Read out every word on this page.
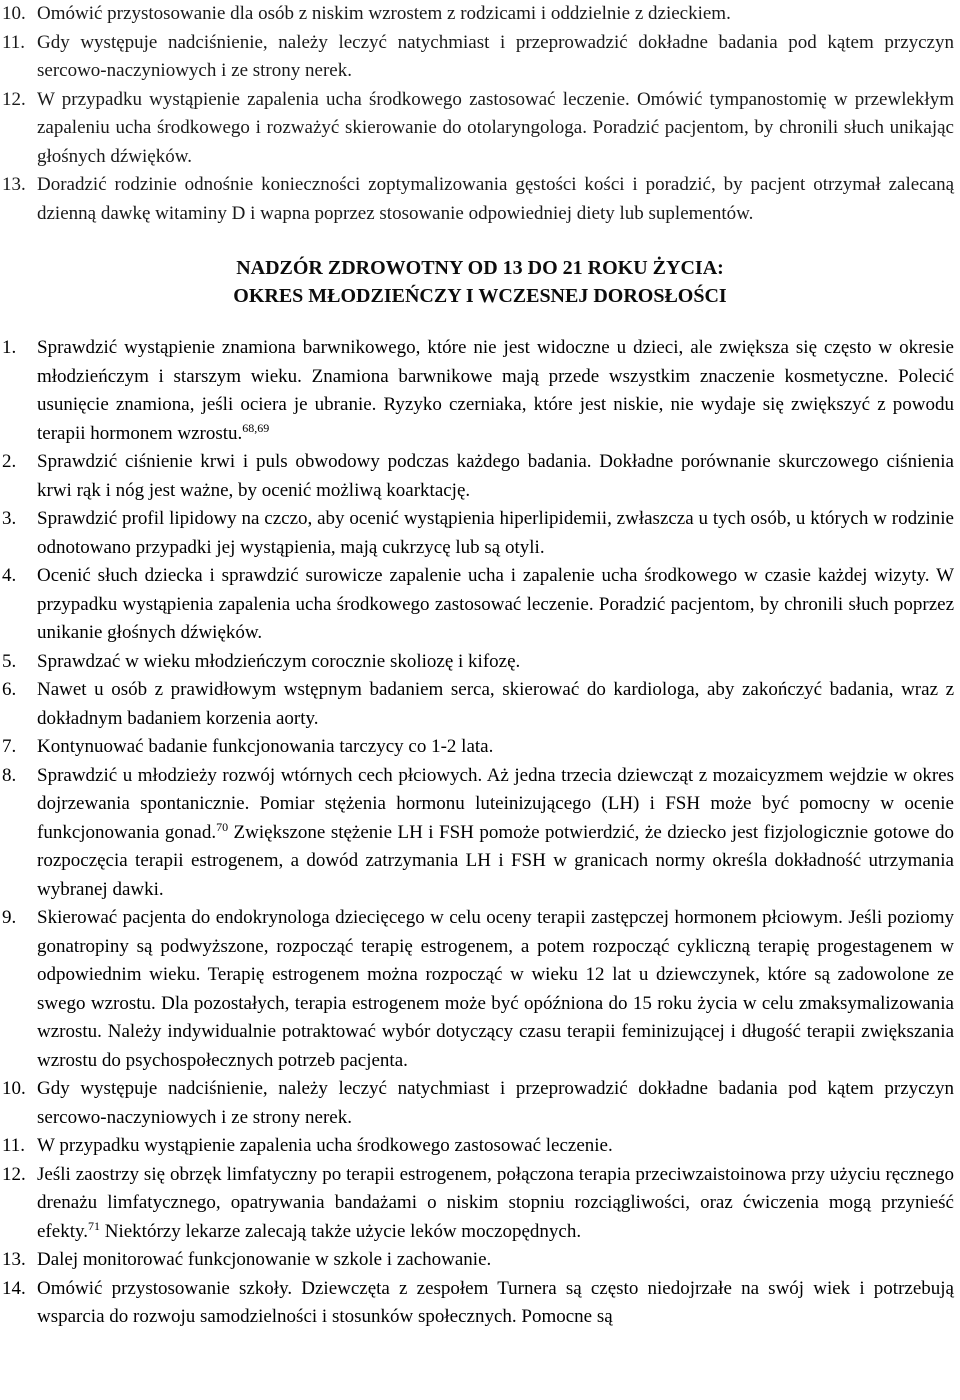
10. Omówić przystosowanie dla osób z niskim wzrostem z rodzicami i oddzielnie z dzieckiem.
11. Gdy występuje nadciśnienie, należy leczyć natychmiast i przeprowadzić dokładne badania pod kątem przyczyn sercowo-naczyniowych i ze strony nerek.
12. W przypadku wystąpienie zapalenia ucha środkowego zastosować leczenie. Omówić tympanostomię w przewlekłym zapaleniu ucha środkowego i rozważyć skierowanie do otolaryngologa. Poradzić pacjentom, by chronili słuch unikając głośnych dźwięków.
13. Doradzić rodzinie odnośnie konieczności zoptymalizowania gęstości kości i poradzić, by pacjent otrzymał zalecaną dzienną dawkę witaminy D i wapna poprzez stosowanie odpowiedniej diety lub suplementów.
NADZÓR ZDROWOTNY OD 13 DO 21 ROKU ŻYCIA:
OKRES MŁODZIEŃCZY I WCZESNEJ DOROSŁOŚCI
1. Sprawdzić wystąpienie znamiona barwnikowego, które nie jest widoczne u dzieci, ale zwiększa się często w okresie młodzieńczym i starszym wieku. Znamiona barwnikowe mają przede wszystkim znaczenie kosmetyczne. Polecić usunięcie znamiona, jeśli ociera je ubranie. Ryzyko czerniaka, które jest niskie, nie wydaje się zwiększyć z powodu terapii hormonem wzrostu.$^{68,69}$
2. Sprawdzić ciśnienie krwi i puls obwodowy podczas każdego badania. Dokładne porównanie skurczowego ciśnienia krwi rąk i nóg jest ważne, by ocenić możliwą koarktację.
3. Sprawdzić profil lipidowy na czczo, aby ocenić wystąpienia hiperlipidemii, zwłaszcza u tych osób, u których w rodzinie odnotowano przypadki jej wystąpienia, mają cukrzycę lub są otyli.
4. Ocenić słuch dziecka i sprawdzić surowicze zapalenie ucha i zapalenie ucha środkowego w czasie każdej wizyty. W przypadku wystąpienia zapalenia ucha środkowego zastosować leczenie. Poradzić pacjentom, by chronili słuch poprzez unikanie głośnych dźwięków.
5. Sprawdzać w wieku młodzieńczym corocznie skoliozę i kifozę.
6. Nawet u osób z prawidłowym wstępnym badaniem serca, skierować do kardiologa, aby zakończyć badania, wraz z dokładnym badaniem korzenia aorty.
7. Kontynuować badanie funkcjonowania tarczycy co 1-2 lata.
8. Sprawdzić u młodzieży rozwój wtórnych cech płciowych. Aż jedna trzecia dziewcząt z mozaicyzmem wejdzie w okres dojrzewania spontanicznie. Pomiar stężenia hormonu luteinizującego (LH) i FSH może być pomocny w ocenie funkcjonowania gonad.$^{70}$ Zwiększone stężenie LH i FSH pomoże potwierdzić, że dziecko jest fizjologicznie gotowe do rozpoczęcia terapii estrogenem, a dowód zatrzymania LH i FSH w granicach normy określa dokładność utrzymania wybranej dawki.
9. Skierować pacjenta do endokrynologa dziecięcego w celu oceny terapii zastępczej hormonem płciowym. Jeśli poziomy gonatropiny są podwyższone, rozpocząć terapię estrogenem, a potem rozpocząć cykliczną terapię progestagenem w odpowiednim wieku. Terapię estrogenem można rozpocząć w wieku 12 lat u dziewczynek, które są zadowolone ze swego wzrostu. Dla pozostałych, terapia estrogenem może być opóźniona do 15 roku życia w celu zmaksymalizowania wzrostu. Należy indywidualnie potraktować wybór dotyczący czasu terapii feminizującej i długość terapii zwiększania wzrostu do psychospołecznych potrzeb pacjenta.
10. Gdy występuje nadciśnienie, należy leczyć natychmiast i przeprowadzić dokładne badania pod kątem przyczyn sercowo-naczyniowych i ze strony nerek.
11. W przypadku wystąpienie zapalenia ucha środkowego zastosować leczenie.
12. Jeśli zaostrzy się obrzęk limfatyczny po terapii estrogenem, połączona terapia przeciwzaistoinowa przy użyciu ręcznego drenażu limfatycznego, opatrywania bandażami o niskim stopniu rozciągliwości, oraz ćwiczenia mogą przynieść efekty.$^{71}$ Niektórzy lekarze zalecają także użycie leków moczopędnych.
13. Dalej monitorować funkcjonowanie w szkole i zachowanie.
14. Omówić przystosowanie szkoły. Dziewczęta z zespołem Turnera są często niedojrzałe na swój wiek i potrzebują wsparcia do rozwoju samodzielności i stosunków społecznych. Pomocne są
